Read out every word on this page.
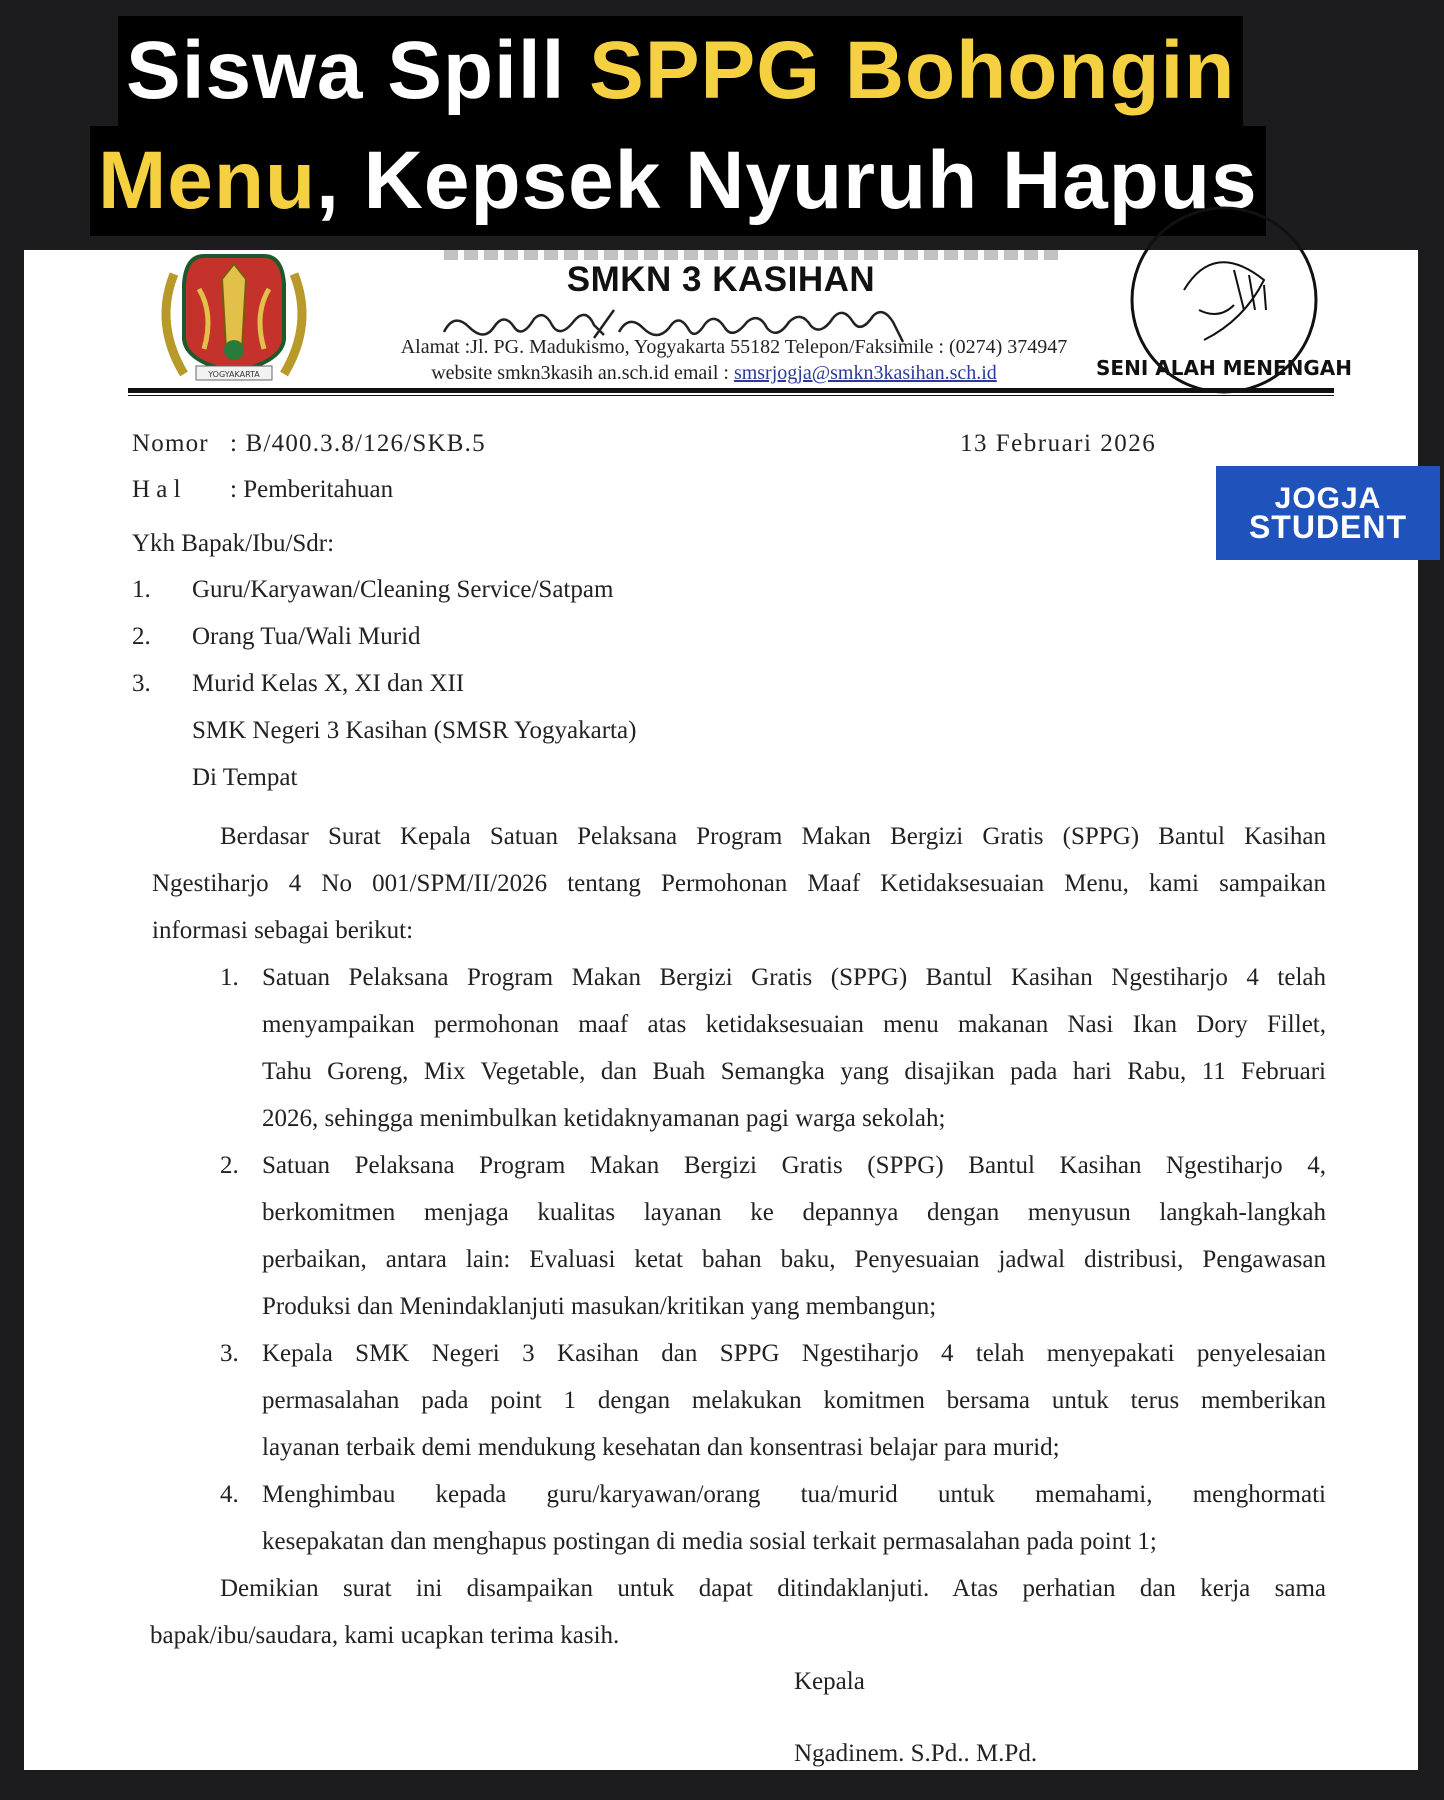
Siswa Spill SPPG Bohongin
Menu, Kepsek Nyuruh Hapus
YOGYAKARTA	SENI ALAH MENENGAH
SMKN 3 KASIHAN
Alamat :Jl. PG. Madukismo, Yogyakarta 55182 Telepon/Faksimile : (0274) 374947
website smkn3kasih an.sch.id email : smsrjogja@smkn3kasihan.sch.id
Nomor : B/400.3.8/126/SKB.5	13 Februari 2026
H a l	: Pemberitahuan
Ykh Bapak/Ibu/Sdr:
1. Guru/Karyawan/Cleaning Service/Satpam
2. Orang Tua/Wali Murid
3. Murid Kelas X, XI dan XII
SMK Negeri 3 Kasihan (SMSR Yogyakarta)
Di Tempat
Berdasar Surat Kepala Satuan Pelaksana Program Makan Bergizi Gratis (SPPG) Bantul Kasihan
Ngestiharjo 4 No 001/SPM/II/2026 tentang Permohonan Maaf Ketidaksesuaian Menu, kami sampaikan
informasi sebagai berikut:
1. Satuan Pelaksana Program Makan Bergizi Gratis (SPPG) Bantul Kasihan Ngestiharjo 4 telah
menyampaikan permohonan maaf atas ketidaksesuaian menu makanan Nasi Ikan Dory Fillet,
Tahu Goreng, Mix Vegetable, dan Buah Semangka yang disajikan pada hari Rabu, 11 Februari
2026, sehingga menimbulkan ketidaknyamanan pagi warga sekolah;
2. Satuan Pelaksana Program Makan Bergizi Gratis (SPPG) Bantul Kasihan Ngestiharjo 4,
berkomitmen menjaga kualitas layanan ke depannya dengan menyusun langkah-langkah
perbaikan, antara lain: Evaluasi ketat bahan baku, Penyesuaian jadwal distribusi, Pengawasan
Produksi dan Menindaklanjuti masukan/kritikan yang membangun;
3. Kepala SMK Negeri 3 Kasihan dan SPPG Ngestiharjo 4 telah menyepakati penyelesaian
permasalahan pada point 1 dengan melakukan komitmen bersama untuk terus memberikan
layanan terbaik demi mendukung kesehatan dan konsentrasi belajar para murid;
4. Menghimbau kepada guru/karyawan/orang tua/murid untuk memahami, menghormati
kesepakatan dan menghapus postingan di media sosial terkait permasalahan pada point 1;
Demikian surat ini disampaikan untuk dapat ditindaklanjuti. Atas perhatian dan kerja sama
bapak/ibu/saudara, kami ucapkan terima kasih.
Kepala
Ngadinem. S.Pd.. M.Pd.
JOGJA
STUDENT
